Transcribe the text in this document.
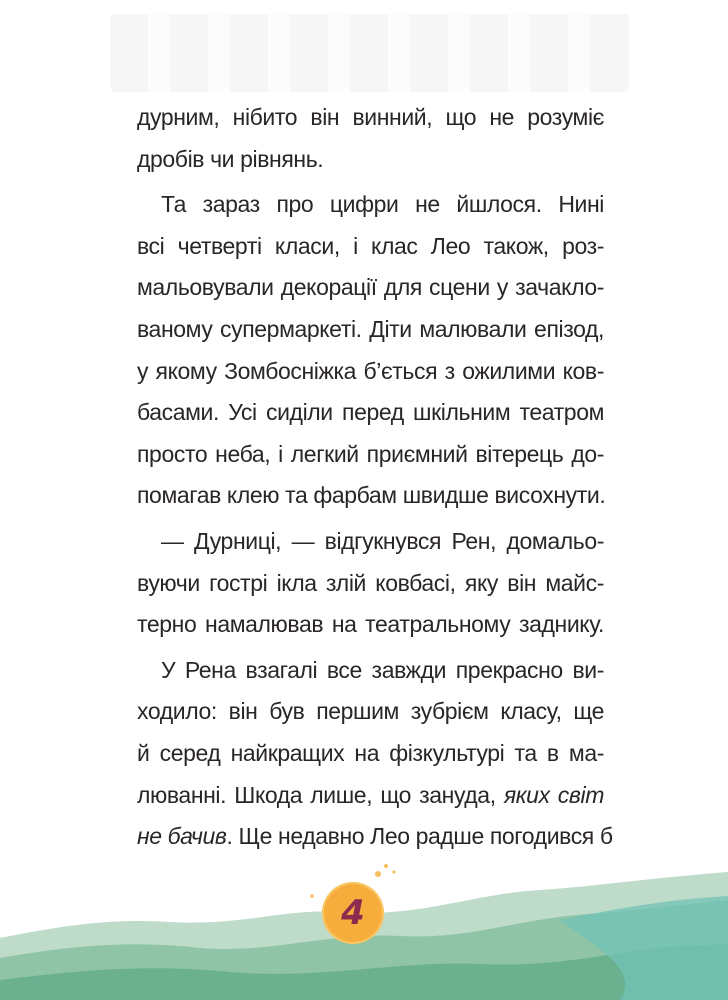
дурним, нібито він винний, що не розуміє
дробів чи рівнянь.
Та зараз про цифри не йшлося. Нині
всі четверті класи, і клас Лео також, роз-
мальовували декорації для сцени у зачакло-
ваному супермаркеті. Діти малювали епізод,
у якому Зомбосніжка б’ється з ожилими ков-
басами. Усі сиділи перед шкільним театром
просто неба, і легкий приємний вітерець до-
помагав клею та фарбам швидше висохнути.
— Дурниці, — відгукнувся Рен, домальо-
вуючи гострі ікла злій ковбасі, яку він майс-
терно намалював на театральному заднику.
У Рена взагалі все завжди прекрасно ви-
ходило: він був першим зубрієм класу, ще
й серед найкращих на фізкультурі та в ма-
люванні. Шкода лише, що зануда, яких світ
не бачив. Ще недавно Лео радше погодився б
4
